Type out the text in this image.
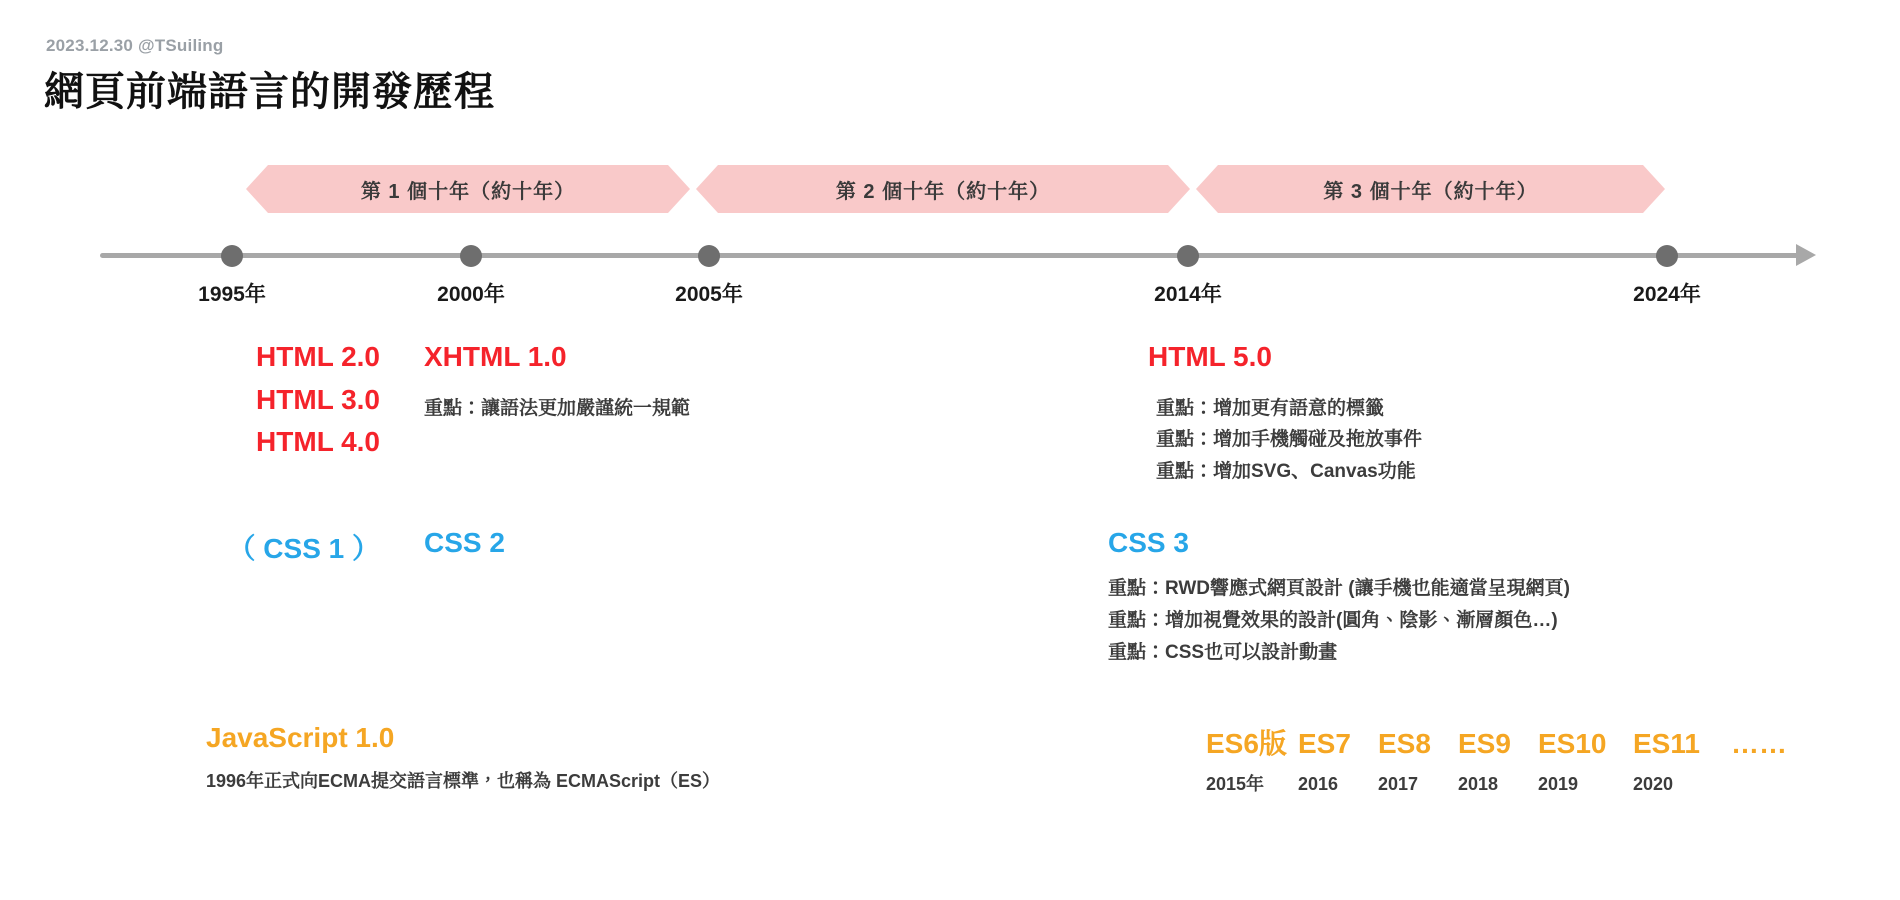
2023.12.30 @TSuiling
網頁前端語言的開發歷程
第 1 個十年（約十年）	第 2 個十年（約十年）	第 3 個十年（約十年）
1995年	2000年	2005年	2014年	2024年
HTML 2.0
HTML 3.0
HTML 4.0
XHTML 1.0
重點：讓語法更加嚴謹統一規範
HTML 5.0
重點：增加更有語意的標籤
重點：增加手機觸碰及拖放事件
重點：增加SVG、Canvas功能
（ CSS 1 ） CSS 2	CSS 3
重點：RWD響應式網頁設計 (讓手機也能適當呈現網頁)
重點：增加視覺效果的設計(圓角、陰影、漸層顏色…)
重點：CSS也可以設計動畫
JavaScript 1.0
1996年正式向ECMA提交語言標準，也稱為 ECMAScript（ES）
ES6版 ES7 ES8 ES9 ES10 ES11	……
2015年	2016	2017	2018	2019	2020
